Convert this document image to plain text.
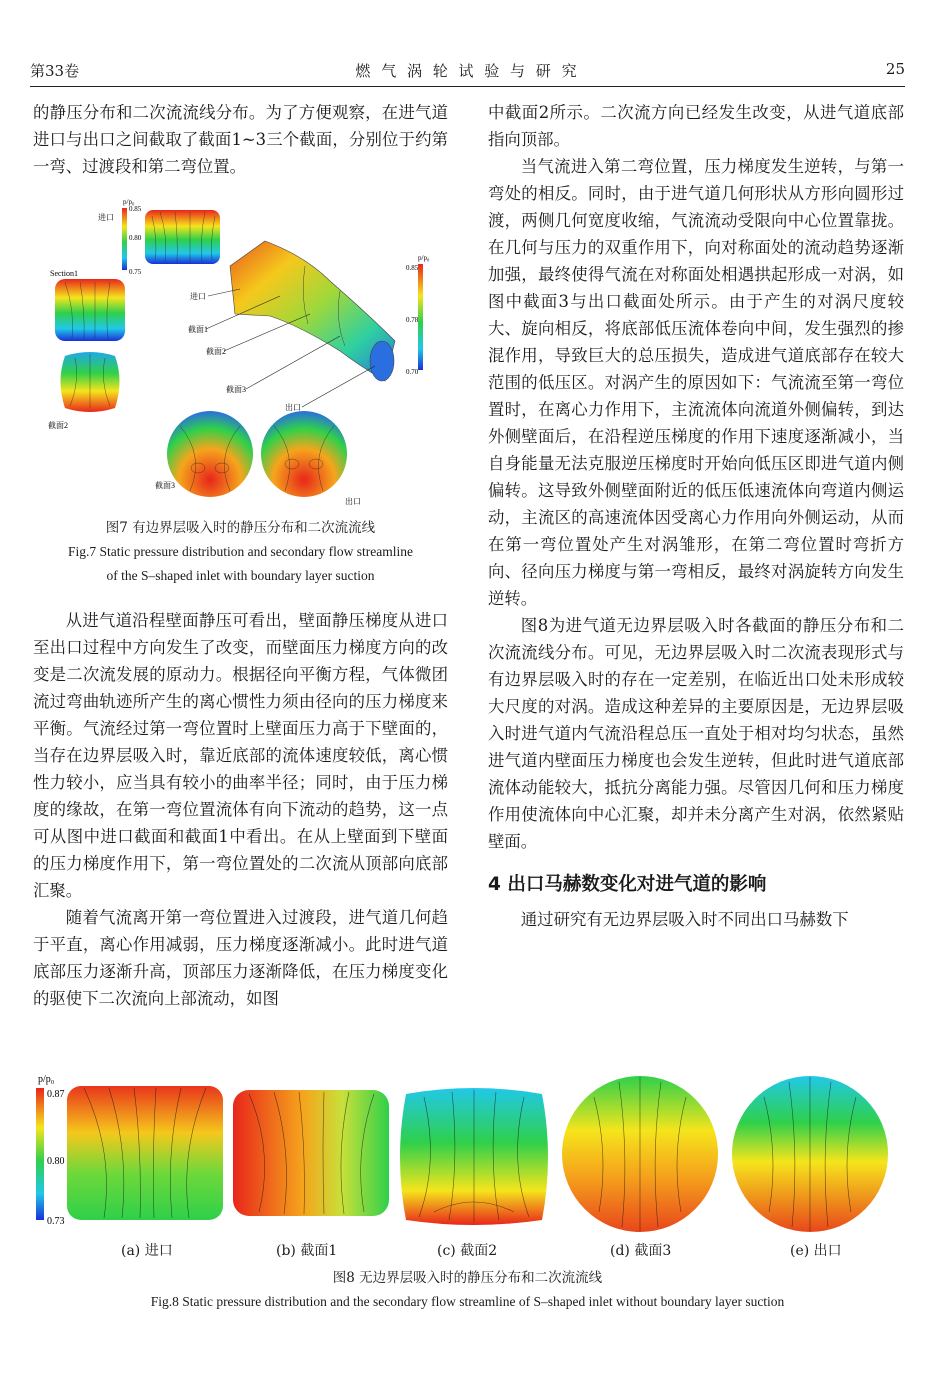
第33卷	燃 气 涡 轮 试 验 与 研 究	25

的静压分布和二次流流线分布。为了方便观察，在进气道进口与出口之间截取了截面1~3三个截面，分别位于约第一弯、过渡段和第二弯位置。

p/p₀
0.85
0.80
0.75
进口
p/p₀
0.85
0.78
0.70
Section1
截面2
进口
截面1
截面2
截面3
出口
截面3
出口
图7 有边界层吸入时的静压分布和二次流流线
Fig.7 Static pressure distribution and secondary flow streamline
of the S–shaped inlet with boundary layer suction

从进气道沿程壁面静压可看出，壁面静压梯度从进口至出口过程中方向发生了改变，而壁面压力梯度方向的改变是二次流发展的原动力。根据径向平衡方程，气体微团流过弯曲轨迹所产生的离心惯性力须由径向的压力梯度来平衡。气流经过第一弯位置时上壁面压力高于下壁面的，当存在边界层吸入时，靠近底部的流体速度较低，离心惯性力较小，应当具有较小的曲率半径；同时，由于压力梯度的缘故，在第一弯位置流体有向下流动的趋势，这一点可从图中进口截面和截面1中看出。在从上壁面到下壁面的压力梯度作用下，第一弯位置处的二次流从顶部向底部汇聚。

随着气流离开第一弯位置进入过渡段，进气道几何趋于平直，离心作用减弱，压力梯度逐渐减小。此时进气道底部压力逐渐升高，顶部压力逐渐降低，在压力梯度变化的驱使下二次流向上部流动，如图

中截面2所示。二次流方向已经发生改变，从进气道底部指向顶部。

当气流进入第二弯位置，压力梯度发生逆转，与第一弯处的相反。同时，由于进气道几何形状从方形向圆形过渡，两侧几何宽度收缩，气流流动受限向中心位置靠拢。在几何与压力的双重作用下，向对称面处的流动趋势逐渐加强，最终使得气流在对称面处相遇拱起形成一对涡，如图中截面3与出口截面处所示。由于产生的对涡尺度较大、旋向相反，将底部低压流体卷向中间，发生强烈的掺混作用，导致巨大的总压损失，造成进气道底部存在较大范围的低压区。对涡产生的原因如下：气流流至第一弯位置时，在离心力作用下，主流流体向流道外侧偏转，到达外侧壁面后，在沿程逆压梯度的作用下速度逐渐减小，当自身能量无法克服逆压梯度时开始向低压区即进气道内侧偏转。这导致外侧壁面附近的低压低速流体向弯道内侧运动，主流区的高速流体因受离心力作用向外侧运动，从而在第一弯位置处产生对涡雏形，在第二弯位置时弯折方向、径向压力梯度与第一弯相反，最终对涡旋转方向发生逆转。

图8为进气道无边界层吸入时各截面的静压分布和二次流流线分布。可见，无边界层吸入时二次流表现形式与有边界层吸入时的存在一定差别，在临近出口处未形成较大尺度的对涡。造成这种差异的主要原因是，无边界层吸入时进气道内气流沿程总压一直处于相对均匀状态，虽然进气道内壁面压力梯度也会发生逆转，但此时进气道底部流体动能较大，抵抗分离能力强。尽管因几何和压力梯度作用使流体向中心汇聚，却并未分离产生对涡，依然紧贴壁面。

4 出口马赫数变化对进气道的影响

通过研究有无边界层吸入时不同出口马赫数下

p/p₀
0.87
0.80
0.73
(a) 进口	(b) 截面1	(c) 截面2	(d) 截面3	(e) 出口
图8 无边界层吸入时的静压分布和二次流流线
Fig.8 Static pressure distribution and the secondary flow streamline of S–shaped inlet without boundary layer suction
